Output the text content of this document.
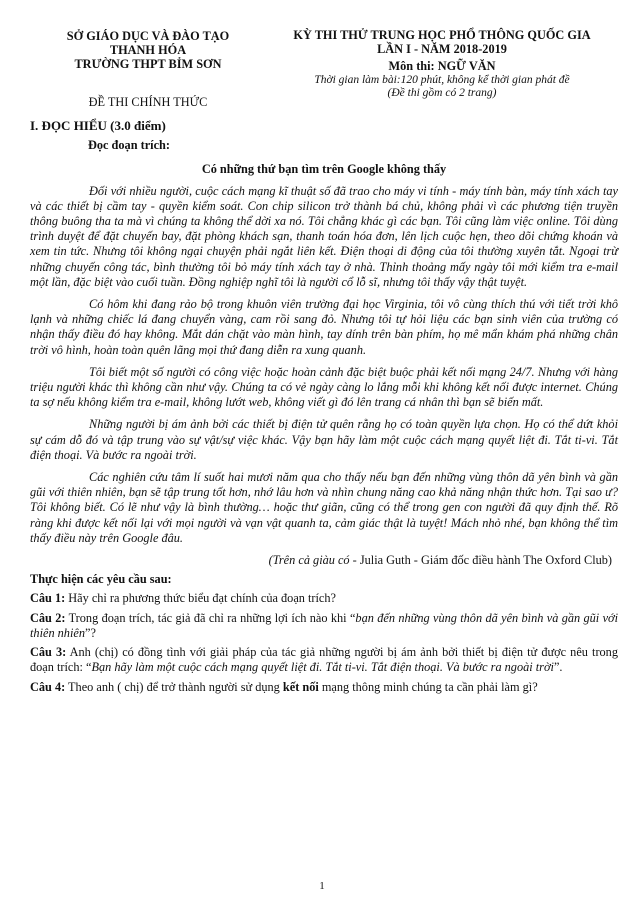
SỞ GIÁO DỤC VÀ ĐÀO TẠO
THANH HÓA
TRƯỜNG THPT BỈM SƠN
ĐỀ THI CHÍNH THỨC
KỲ THI THỬ TRUNG HỌC PHỔ THÔNG QUỐC GIA
LẦN I - NĂM 2018-2019
Môn thi: NGỮ VĂN
Thời gian làm bài:120 phút, không kể thời gian phát đề
(Đề thi gồm có 2 trang)
I. ĐỌC HIỂU (3.0 điểm)
Đọc đoạn trích:
Có những thứ bạn tìm trên Google không thấy

Đối với nhiều người, cuộc cách mạng kĩ thuật số đã trao cho máy vi tính - máy tính bàn, máy tính xách tay và các thiết bị cầm tay - quyền kiểm soát. Con chip silicon trở thành bá chủ, không phải vì các phương tiện truyền thông buông tha ta mà vì chúng ta không thể dời xa nó. Tôi chẳng khác gì các bạn. Tôi cũng làm việc online. Tôi dùng trình duyệt để đặt chuyến bay, đặt phòng khách sạn, thanh toán hóa đơn, lên lịch cuộc hẹn, theo dõi chứng khoán và xem tin tức. Nhưng tôi không ngại chuyện phải ngắt liên kết. Điện thoại di động của tôi thường xuyên tắt. Ngoại trừ những chuyến công tác, bình thường tôi bỏ máy tính xách tay ở nhà. Thỉnh thoảng mấy ngày tôi mới kiểm tra e-mail một lần, đặc biệt vào cuối tuần. Đồng nghiệp nghĩ tôi là người cổ lỗ sĩ, nhưng tôi thấy vậy thật tuyệt.

Có hôm khi đang rảo bộ trong khuôn viên trường đại học Virginia, tôi vô cùng thích thú với tiết trời khô lạnh và những chiếc lá đang chuyển vàng, cam rồi sang đỏ. Nhưng tôi tự hỏi liệu các bạn sinh viên của trường có nhận thấy điều đó hay không. Mắt dán chặt vào màn hình, tay dính trên bàn phím, họ mê mẩn khám phá những chân trời vô hình, hoàn toàn quên lãng mọi thứ đang diễn ra xung quanh.

Tôi biết một số người có công việc hoặc hoàn cảnh đặc biệt buộc phải kết nối mạng 24/7. Nhưng với hàng triệu người khác thì không cần như vậy. Chúng ta có vẻ ngày càng lo lắng mỗi khi không kết nối được internet. Chúng ta sợ nếu không kiểm tra e-mail, không lướt web, không viết gì đó lên trang cá nhân thì bạn sẽ biến mất.

Những người bị ám ảnh bởi các thiết bị điện tử quên rằng họ có toàn quyền lựa chọn. Họ có thể dứt khỏi sự cám dỗ đó và tập trung vào sự vật/sự việc khác. Vậy bạn hãy làm một cuộc cách mạng quyết liệt đi. Tắt ti-vi. Tắt điện thoại. Và bước ra ngoài trời.

Các nghiên cứu tâm lí suốt hai mươi năm qua cho thấy nếu bạn đến những vùng thôn dã yên bình và gần gũi với thiên nhiên, bạn sẽ tập trung tốt hơn, nhớ lâu hơn và nhìn chung năng cao khả năng nhận thức hơn. Tại sao ư? Tôi không biết. Có lẽ như vậy là bình thường… hoặc thư giãn, cũng có thể trong gen con người đã quy định thế. Rõ ràng khi được kết nối lại với mọi người và vạn vật quanh ta, cảm giác thật là tuyệt! Mách nhỏ nhé, bạn không thể tìm thấy điều này trên Google đâu.

(Trên cả giàu có - Julia Guth - Giám đốc điều hành The Oxford Club)
Thực hiện các yêu cầu sau:

Câu 1: Hãy chỉ ra phương thức biểu đạt chính của đoạn trích?

Câu 2: Trong đoạn trích, tác giả đã chỉ ra những lợi ích nào khi “bạn đến những vùng thôn dã yên bình và gần gũi với thiên nhiên”?

Câu 3: Anh (chị) có đồng tình với giải pháp của tác giả những người bị ám ảnh bởi thiết bị điện tử được nêu trong đoạn trích: “Bạn hãy làm một cuộc cách mạng quyết liệt đi. Tắt ti-vi. Tắt điện thoại. Và bước ra ngoài trời”.

Câu 4: Theo anh ( chị) để trở thành người sử dụng kết nối mạng thông minh chúng ta cần phải làm gì?

1
